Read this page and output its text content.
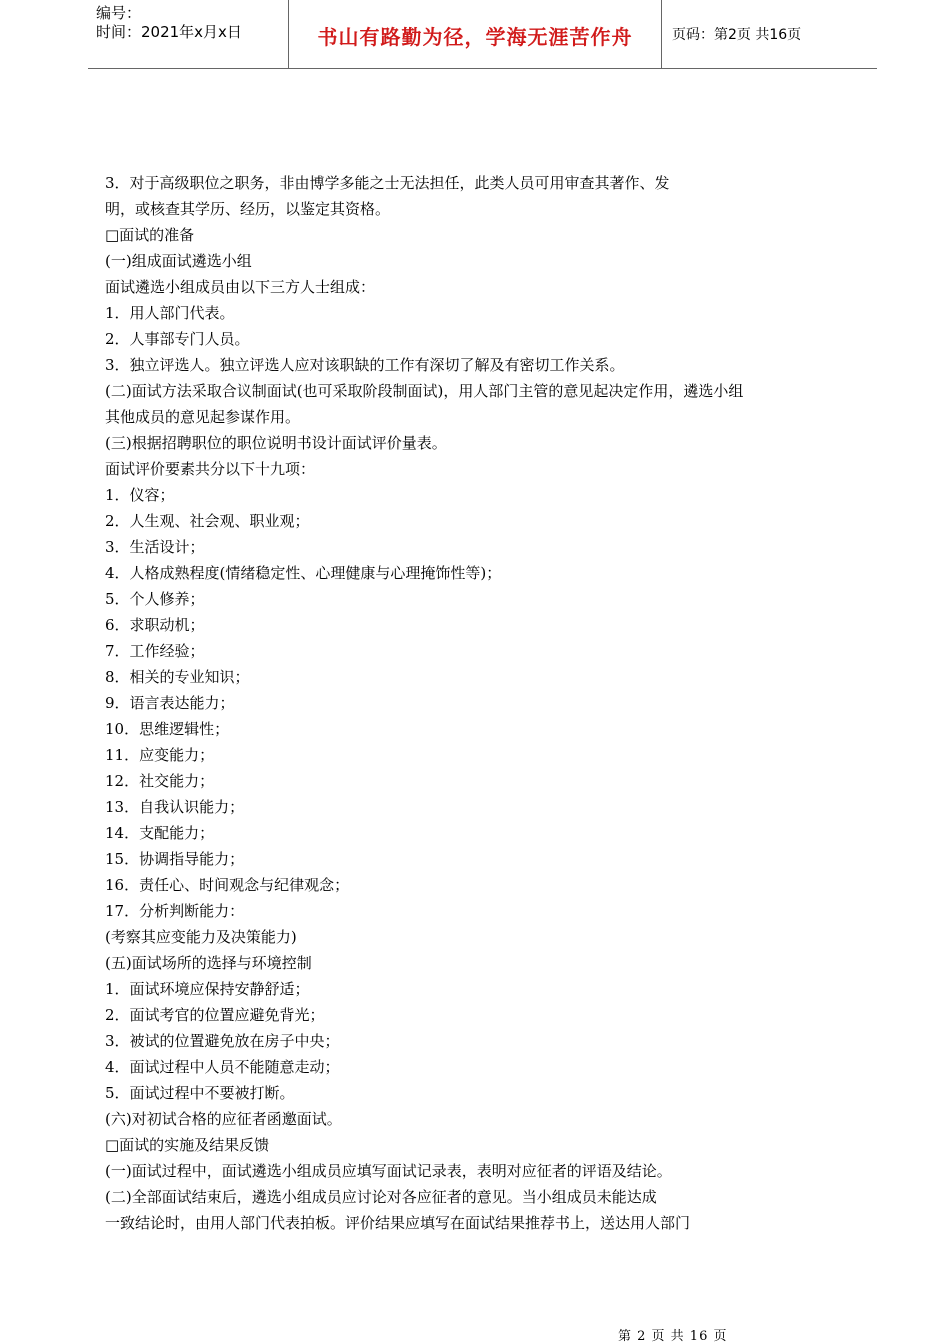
编号：
时间：2021年x月x日	书山有路勤为径，学海无涯苦作舟	页码：第2页 共16页
3．对于高级职位之职务，非由博学多能之士无法担任，此类人员可用审查其著作、发
明，或核查其学历、经历，以鉴定其资格。
□面试的准备
(一)组成面试遴选小组
面试遴选小组成员由以下三方人士组成：
1．用人部门代表。
2．人事部专门人员。
3．独立评选人。独立评选人应对该职缺的工作有深切了解及有密切工作关系。
(二)面试方法采取合议制面试(也可采取阶段制面试)，用人部门主管的意见起决定作用，遴选小组
其他成员的意见起参谋作用。
(三)根据招聘职位的职位说明书设计面试评价量表。
面试评价要素共分以下十九项：
1．仪容；
2．人生观、社会观、职业观；
3．生活设计；
4．人格成熟程度(情绪稳定性、心理健康与心理掩饰性等)；
5．个人修养；
6．求职动机；
7．工作经验；
8．相关的专业知识；
9．语言表达能力；
10．思维逻辑性；
11．应变能力；
12．社交能力；
13．自我认识能力；
14．支配能力；
15．协调指导能力；
16．责任心、时间观念与纪律观念；
17．分析判断能力：
(考察其应变能力及决策能力)
(五)面试场所的选择与环境控制
1．面试环境应保持安静舒适；
2．面试考官的位置应避免背光；
3．被试的位置避免放在房子中央；
4．面试过程中人员不能随意走动；
5．面试过程中不要被打断。
(六)对初试合格的应征者函邀面试。
□面试的实施及结果反馈
(一)面试过程中，面试遴选小组成员应填写面试记录表，表明对应征者的评语及结论。
(二)全部面试结束后，遴选小组成员应讨论对各应征者的意见。当小组成员未能达成
一致结论时，由用人部门代表拍板。评价结果应填写在面试结果推荐书上，送达用人部门
第 2 页 共 16 页
